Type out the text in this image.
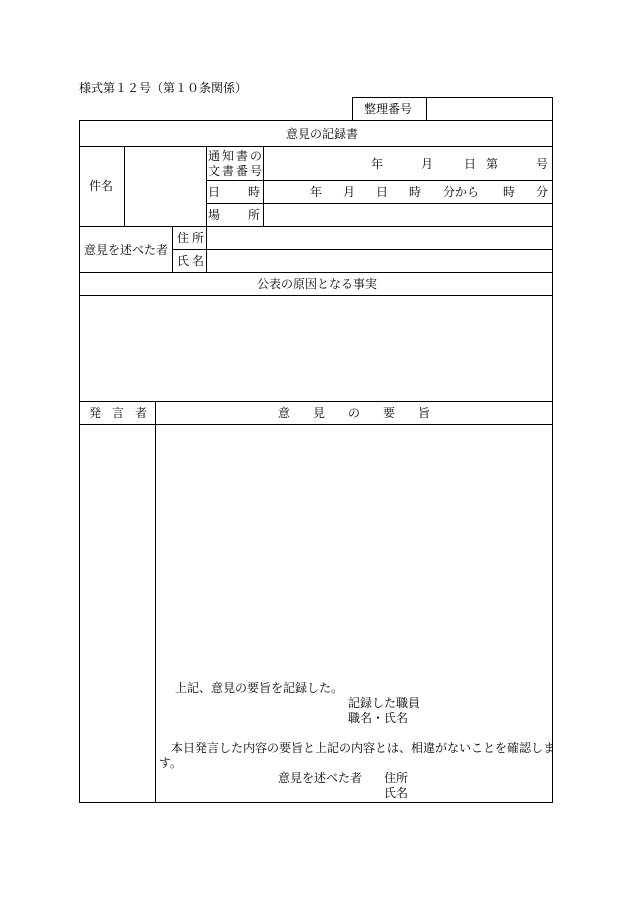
様式第１２号（第１０条関係）
整理番号
意見の記録書
件名
通知書の
文書番号	年	月	日第 号
日 時	年 月 日 時 分から 時 分
場 所
意見を述べた者
住所
氏名
公表の原因となる事実
発 言 者	意 見 の 要 旨
上記、意見の要旨を記録した。
記録した職員
職名・氏名
本日発言した内容の要旨と上記の内容とは、相違がないことを確認しま
す。
意見を述べた者 住所
氏名
